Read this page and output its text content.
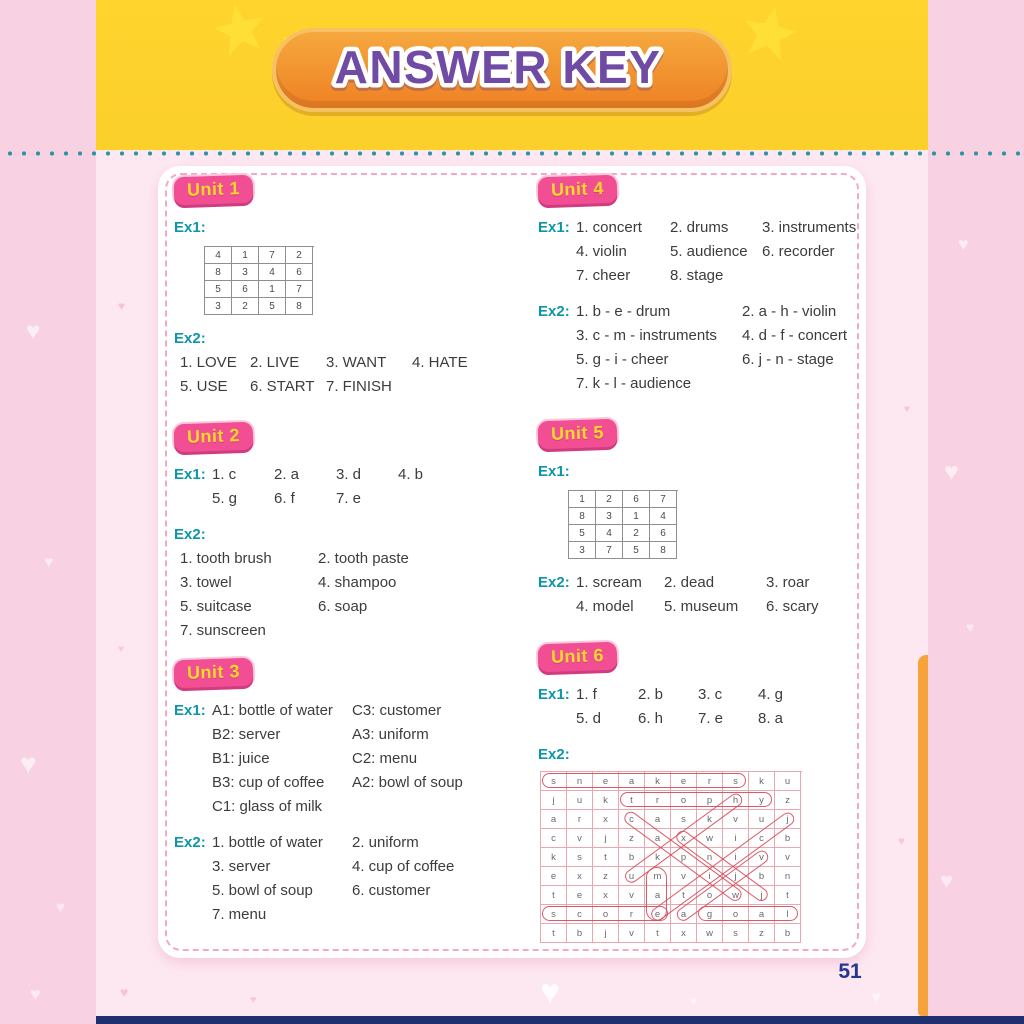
ANSWER KEY
Unit 1
Ex1:
4	1	7	2
8	3	4	6
5	6	1	7
3	2	5	8
Ex2:
1. LOVE 2. LIVE	3. WANT	4. HATE
5. USE	6. START 7. FINISH
Unit 2
Ex1: 1. c	2. a	3. d	4. b
5. g	6. f	7. e
Ex2:
1. tooth brush	2. tooth paste
3. towel	4. shampoo
5. suitcase	6. soap
7. sunscreen
Unit 3
Ex1: A1: bottle of water	C3: customer
B2: server	A3: uniform
B1: juice	C2: menu
B3: cup of coffee	A2: bowl of soup
C1: glass of milk
Ex2: 1. bottle of water	2. uniform
3. server	4. cup of coffee
5. bowl of soup	6. customer
7. menu
Unit 4
Ex1: 1. concert	2. drums	3. instruments
4. violin	5. audience 6. recorder
7. cheer	8. stage
Ex2: 1. b - e - drum	2. a - h - violin
3. c - m - instruments	4. d - f - concert
5. g - i - cheer	6. j - n - stage
7. k - l - audience
Unit 5
Ex1:
1	2	6	7
8	3	1	4
5	4	2	6
3	7	5	8
Ex2: 1. scream	2. dead	3. roar
4. model	5. museum	6. scary
Unit 6
Ex1: 1. f	2. b	3. c	4. g
5. d	6. h	7. e	8. a
Ex2:
s	n	e	a	k	e	r	s	k	u
j	u	k	t	r	o	p	h	y	z
a	r	x	c	a	s	k	v	u	j
c	v	j	z	a	x	w	i	c	b
k	s	t	b	k	p	n	i	v	v
e	x	z	u	m	v	i	j	b	n
t	e	x	v	a	t	o	w	j	t
s	c	o	r	e	a	g	o	a	l
t	b	j	v	t	x	w	s	z	b
51
♥
♥
♥
♥
♥
♥
♥
♥
♥
♥
♥
♥
♥
♥
♥
♥
♥
♥
